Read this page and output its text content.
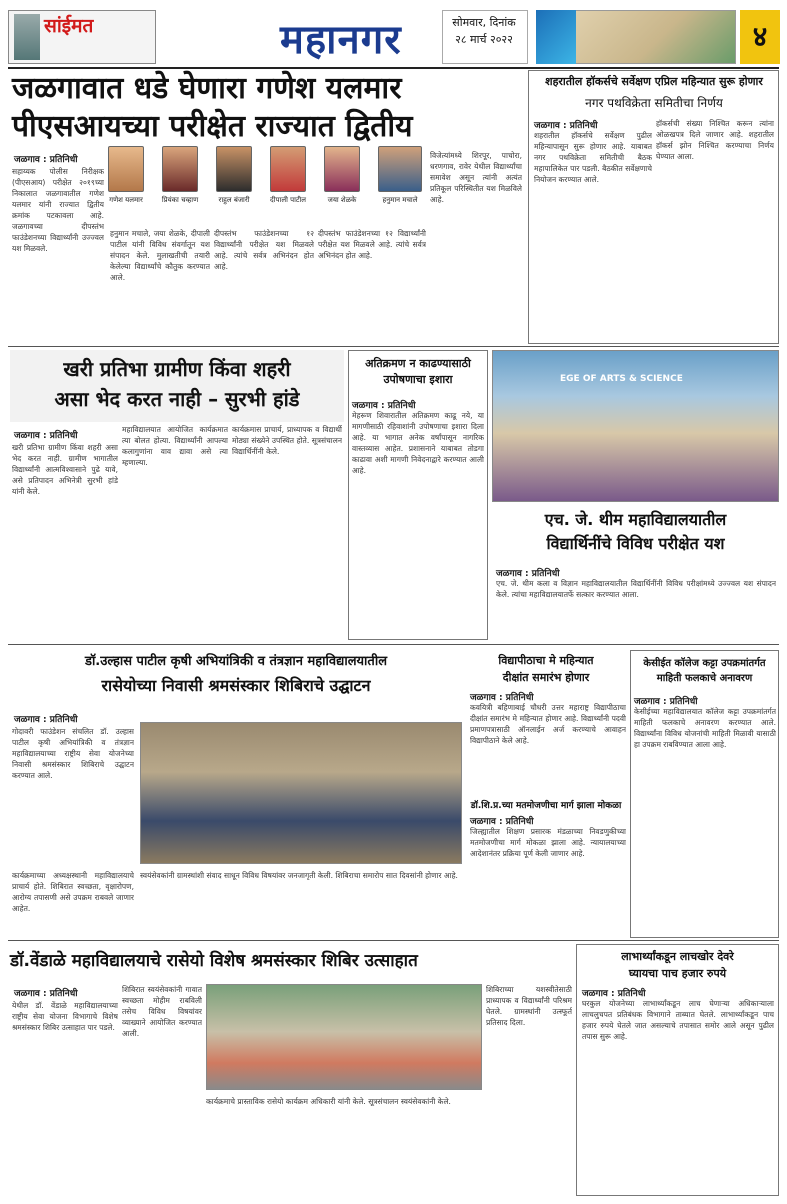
सांईमत	महानगर	सोमवार, दिनांक
२८ मार्च २०२२	४
जळगावात धडे घेणारा गणेश यलमार
पीएसआयच्या परीक्षेत राज्यात द्वितीय
जळगाव : प्रतिनिधी
सहाय्यक पोलीस निरीक्षक (पीएसआय) परीक्षेत २०१९च्या निकालात जळगावातील गणेश यलमार यांनी राज्यात द्वितीय क्रमांक पटकावला आहे. जळगावच्या दीपस्तंभ फाउंडेशनच्या विद्यार्थ्यांनी उज्ज्वल यश मिळवले.
गणेश यलमार	प्रियंका चव्हाण	राहुल बंजारी	दीपाली पाटील	जया शेळके	हनुमान मचाले
हनुमान मचाले, जया शेळके, दीपाली पाटील यांनी विविध संवर्गातून यश संपादन केले. मुलाखतीची तयारी केलेल्या विद्यार्थ्यांचे कौतुक करण्यात आले.
दीपस्तंभ फाउंडेशनच्या १२ विद्यार्थ्यांनी परीक्षेत यश मिळवले आहे. त्यांचे सर्वत्र अभिनंदन होत आहे.
दीपस्तंभ फाउंडेशनच्या १२ विद्यार्थ्यांनी परीक्षेत यश मिळवले आहे. त्यांचे सर्वत्र अभिनंदन होत आहे.
विजेत्यांमध्ये शिरपूर, पाचोरा, धरणगाव, रावेर येथील विद्यार्थ्यांचा समावेश असून त्यांनी अत्यंत प्रतिकूल परिस्थितीत यश मिळविले आहे.
शहरातील हॉकर्सचे सर्वेक्षण एप्रिल महिन्यात सुरू होणार
नगर पथविक्रेता समितीचा निर्णय
जळगाव : प्रतिनिधी
शहरातील हॉकर्सचे सर्वेक्षण पुढील महिन्यापासून सुरू होणार आहे. याबाबत नगर पथविक्रेता समितीची बैठक महापालिकेत पार पडली. बैठकीत सर्वेक्षणाचे नियोजन करण्यात आले.
हॉकर्सची संख्या निश्चित करून त्यांना ओळखपत्र दिले जाणार आहे. शहरातील हॉकर्स झोन निश्चित करण्याचा निर्णय घेण्यात आला.
खरी प्रतिभा ग्रामीण किंवा शहरी
असा भेद करत नाही – सुरभी हांडे
जळगाव : प्रतिनिधी
खरी प्रतिभा ग्रामीण किंवा शहरी असा भेद करत नाही. ग्रामीण भागातील विद्यार्थ्यांनी आत्मविश्वासाने पुढे यावे, असे प्रतिपादन अभिनेत्री सुरभी हांडे यांनी केले.
महाविद्यालयात आयोजित कार्यक्रमात त्या बोलत होत्या. विद्यार्थ्यांनी आपल्या कलागुणांना वाव द्यावा असे त्या म्हणाल्या.
कार्यक्रमास प्राचार्य, प्राध्यापक व विद्यार्थी मोठ्या संख्येने उपस्थित होते. सूत्रसंचालन विद्यार्थिनींनी केले.
अतिक्रमण न काढण्यासाठी उपोषणाचा इशारा
जळगाव : प्रतिनिधी
मेहरूण शिवारातील अतिक्रमण काढू नये, या मागणीसाठी रहिवाशांनी उपोषणाचा इशारा दिला आहे. या भागात अनेक वर्षांपासून नागरिक वास्तव्यास आहेत. प्रशासनाने याबाबत तोडगा काढावा अशी मागणी निवेदनाद्वारे करण्यात आली आहे.
EGE OF ARTS & SCIENCE
एच. जे. थीम महाविद्यालयातील
विद्यार्थिनींचे विविध परीक्षेत यश
जळगाव : प्रतिनिधी
एच. जे. थीम कला व विज्ञान महाविद्यालयातील विद्यार्थिनींनी विविध परीक्षांमध्ये उज्ज्वल यश संपादन केले. त्यांचा महाविद्यालयातर्फे सत्कार करण्यात आला.
डॉ.उल्हास पाटील कृषी अभियांत्रिकी व तंत्रज्ञान महाविद्यालयातील
रासेयोच्या निवासी श्रमसंस्कार शिबिराचे उद्घाटन
जळगाव : प्रतिनिधी
गोदावरी फाउंडेशन संचलित डॉ. उल्हास पाटील कृषी अभियांत्रिकी व तंत्रज्ञान महाविद्यालयाच्या राष्ट्रीय सेवा योजनेच्या निवासी श्रमसंस्कार शिबिराचे उद्घाटन करण्यात आले.
कार्यक्रमाच्या अध्यक्षस्थानी महाविद्यालयाचे प्राचार्य होते. शिबिरात स्वच्छता, वृक्षारोपण, आरोग्य तपासणी असे उपक्रम राबवले जाणार आहेत.
स्वयंसेवकांनी ग्रामस्थांशी संवाद साधून विविध विषयांवर जनजागृती केली. शिबिराचा समारोप सात दिवसांनी होणार आहे.
विद्यापीठाचा मे महिन्यात
दीक्षांत समारंभ होणार
जळगाव : प्रतिनिधी
कवयित्री बहिणाबाई चौधरी उत्तर महाराष्ट्र विद्यापीठाचा दीक्षांत समारंभ मे महिन्यात होणार आहे. विद्यार्थ्यांनी पदवी प्रमाणपत्रासाठी ऑनलाईन अर्ज करण्याचे आवाहन विद्यापीठाने केले आहे.
डॉ.शि.प्र.च्या मतमोजणीचा मार्ग झाला मोकळा
जळगाव : प्रतिनिधी
जिल्ह्यातील शिक्षण प्रसारक मंडळाच्या निवडणुकीच्या मतमोजणीचा मार्ग मोकळा झाला आहे. न्यायालयाच्या आदेशानंतर प्रक्रिया पूर्ण केली जाणार आहे.
केसीईत कॉलेज कट्टा उपक्रमांतर्गत
माहिती फलकाचे अनावरण
जळगाव : प्रतिनिधी
केसीईच्या महाविद्यालयात कॉलेज कट्टा उपक्रमांतर्गत माहिती फलकाचे अनावरण करण्यात आले. विद्यार्थ्यांना विविध योजनांची माहिती मिळावी यासाठी हा उपक्रम राबविण्यात आला आहे.
डॉ.वेंडाळे महाविद्यालयाचे रासेयो विशेष श्रमसंस्कार शिबिर उत्साहात
जळगाव : प्रतिनिधी
येथील डॉ. वेंडाळे महाविद्यालयाच्या राष्ट्रीय सेवा योजना विभागाचे विशेष श्रमसंस्कार शिबिर उत्साहात पार पडले.
शिबिरात स्वयंसेवकांनी गावात स्वच्छता मोहीम राबविली तसेच विविध विषयांवर व्याख्याने आयोजित करण्यात आली.
कार्यक्रमाचे प्रास्ताविक रासेयो कार्यक्रम अधिकारी यांनी केले. सूत्रसंचालन स्वयंसेवकांनी केले.
शिबिराच्या यशस्वीतेसाठी प्राध्यापक व विद्यार्थ्यांनी परिश्रम घेतले. ग्रामस्थांनी उत्स्फूर्त प्रतिसाद दिला.
लाभार्थ्यांकडून लाचखोर देवरे
घ्यायचा पाच हजार रुपये
जळगाव : प्रतिनिधी
घरकुल योजनेच्या लाभार्थ्यांकडून लाच घेणाऱ्या अधिकाऱ्याला लाचलुचपत प्रतिबंधक विभागाने ताब्यात घेतले. लाभार्थ्यांकडून पाच हजार रुपये घेतले जात असल्याचे तपासात समोर आले असून पुढील तपास सुरू आहे.
